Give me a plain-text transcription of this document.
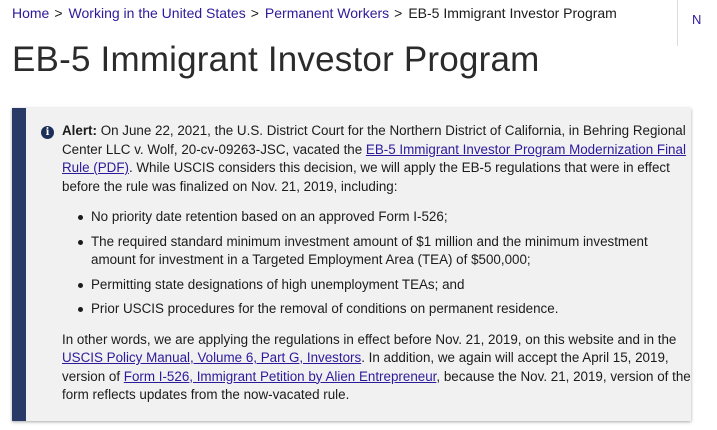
Home > Working in the United States > Permanent Workers > EB-5 Immigrant Investor Program	N
EB-5 Immigrant Investor Program
i Alert: On June 22, 2021, the U.S. District Court for the Northern District of California, in Behring Regional Center LLC v. Wolf, 20-cv-09263-JSC, vacated the EB-5 Immigrant Investor Program Modernization Final Rule (PDF). While USCIS considers this decision, we will apply the EB-5 regulations that were in effect before the rule was finalized on Nov. 21, 2019, including:

No priority date retention based on an approved Form I-526;
The required standard minimum investment amount of $1 million and the minimum investment amount for investment in a Targeted Employment Area (TEA) of $500,000;
Permitting state designations of high unemployment TEAs; and
Prior USCIS procedures for the removal of conditions on permanent residence.

In other words, we are applying the regulations in effect before Nov. 21, 2019, on this website and in the USCIS Policy Manual, Volume 6, Part G, Investors. In addition, we again will accept the April 15, 2019, version of Form I-526, Immigrant Petition by Alien Entrepreneur, because the Nov. 21, 2019, version of the form reflects updates from the now-vacated rule.
